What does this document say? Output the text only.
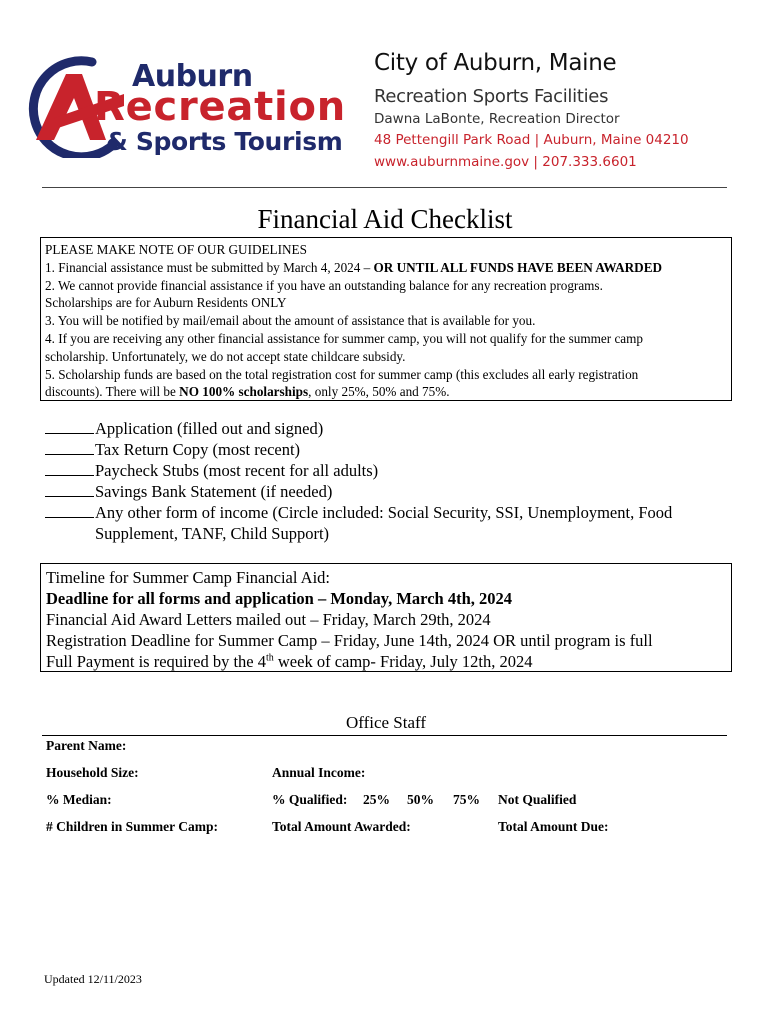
Auburn
Recreation
& Sports Tourism
City of Auburn, Maine
Recreation Sports Facilities
Dawna LaBonte, Recreation Director
48 Pettengill Park Road | Auburn, Maine 04210
www.auburnmaine.gov | 207.333.6601
Financial Aid Checklist
PLEASE MAKE NOTE OF OUR GUIDELINES
1. Financial assistance must be submitted by March 4, 2024 – OR UNTIL ALL FUNDS HAVE BEEN AWARDED
2. We cannot provide financial assistance if you have an outstanding balance for any recreation programs.
Scholarships are for Auburn Residents ONLY
3. You will be notified by mail/email about the amount of assistance that is available for you.
4. If you are receiving any other financial assistance for summer camp, you will not qualify for the summer camp
scholarship. Unfortunately, we do not accept state childcare subsidy.
5. Scholarship funds are based on the total registration cost for summer camp (this excludes all early registration
discounts). There will be NO 100% scholarships, only 25%, 50% and 75%.
Application (filled out and signed)
Tax Return Copy (most recent)
Paycheck Stubs (most recent for all adults)
Savings Bank Statement (if needed)
Any other form of income (Circle included: Social Security, SSI, Unemployment, Food
Supplement, TANF, Child Support)
Timeline for Summer Camp Financial Aid:
Deadline for all forms and application – Monday, March 4th, 2024
Financial Aid Award Letters mailed out – Friday, March 29th, 2024
Registration Deadline for Summer Camp – Friday, June 14th, 2024 OR until program is full
Full Payment is required by the 4th week of camp- Friday, July 12th, 2024
Office Staff
Parent Name:
Household Size:	Annual Income:
% Median:	% Qualified: 25% 50% 75% Not Qualified
# Children in Summer Camp:	Total Amount Awarded:	Total Amount Due:
Updated 12/11/2023
